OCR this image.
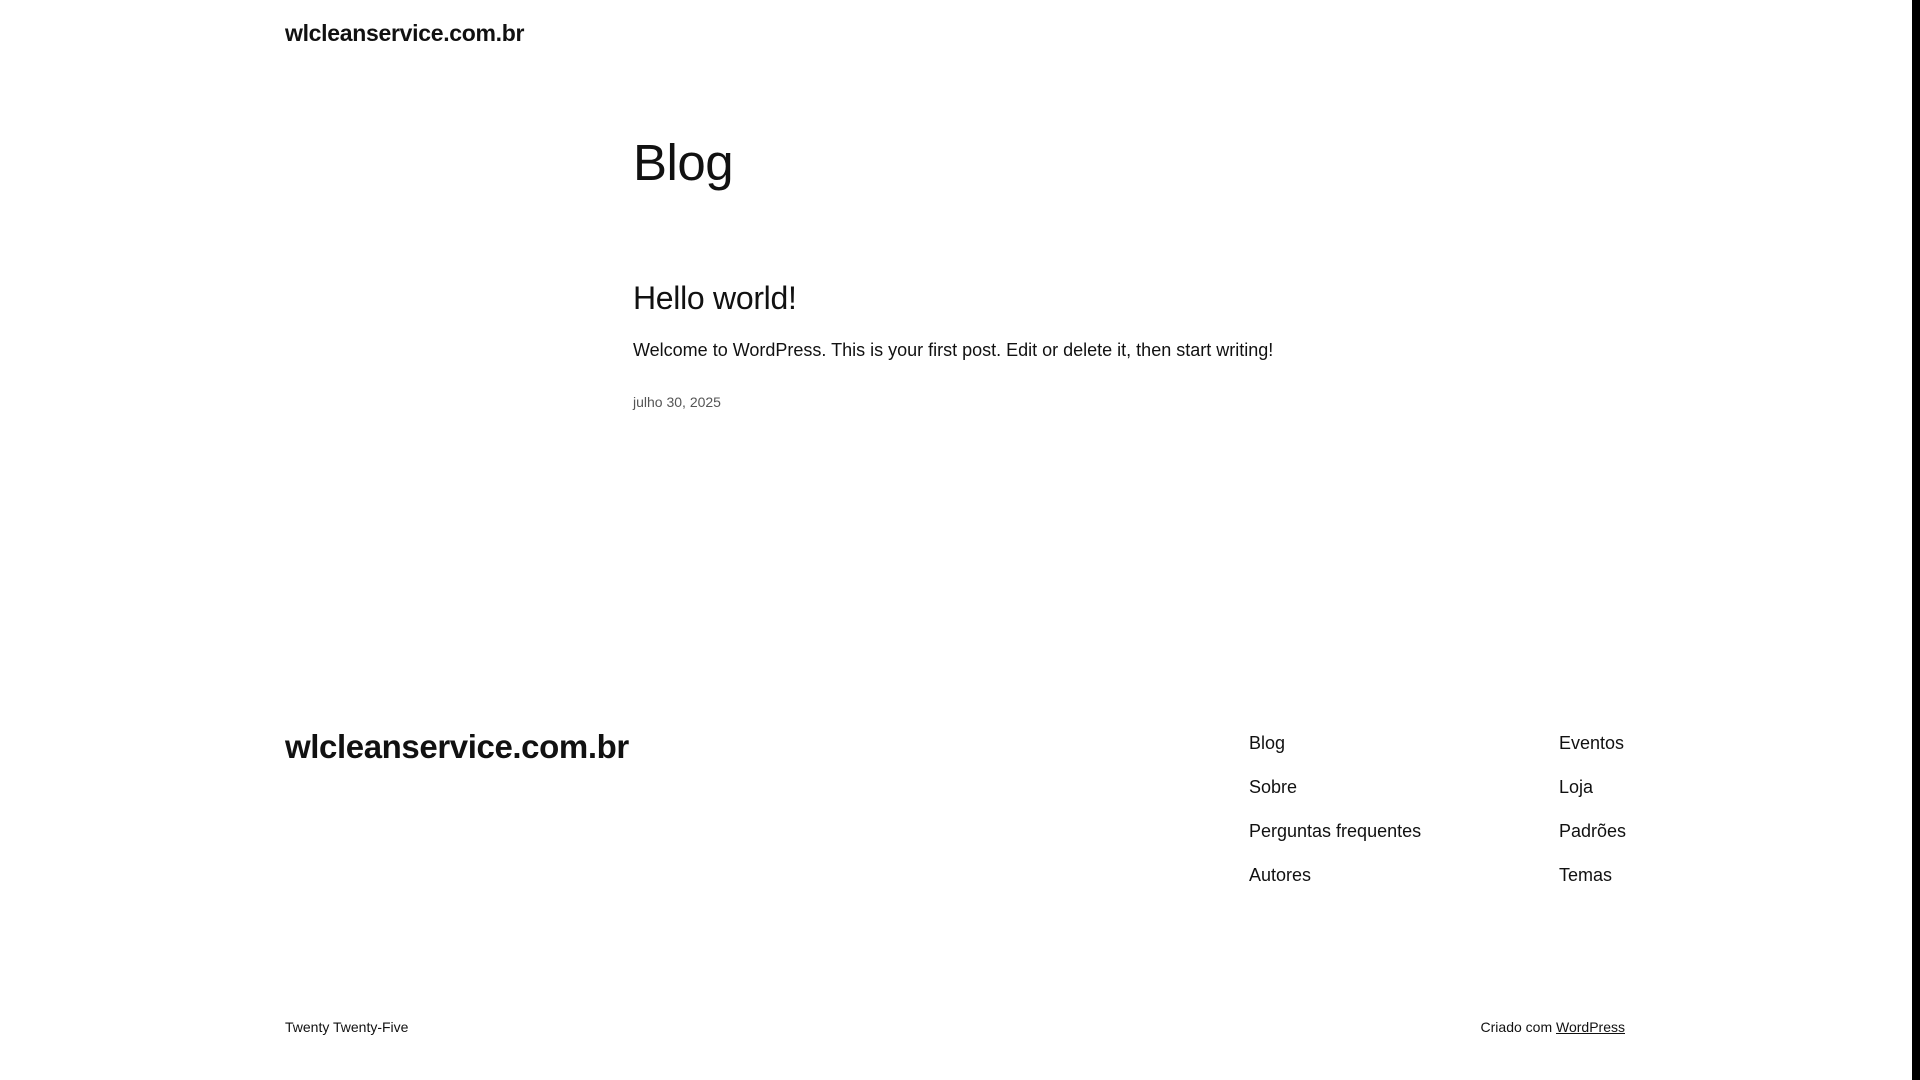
wlcleanservice.com.br
Blog
Hello world!

Welcome to WordPress. This is your first post. Edit or delete it, then start writing!

julho 30, 2025
wlcleanservice.com.br	Blog
Sobre
Perguntas frequentes
Autores
Eventos
Loja
Padrões
Temas
Twenty Twenty-Five	Criado com WordPress
